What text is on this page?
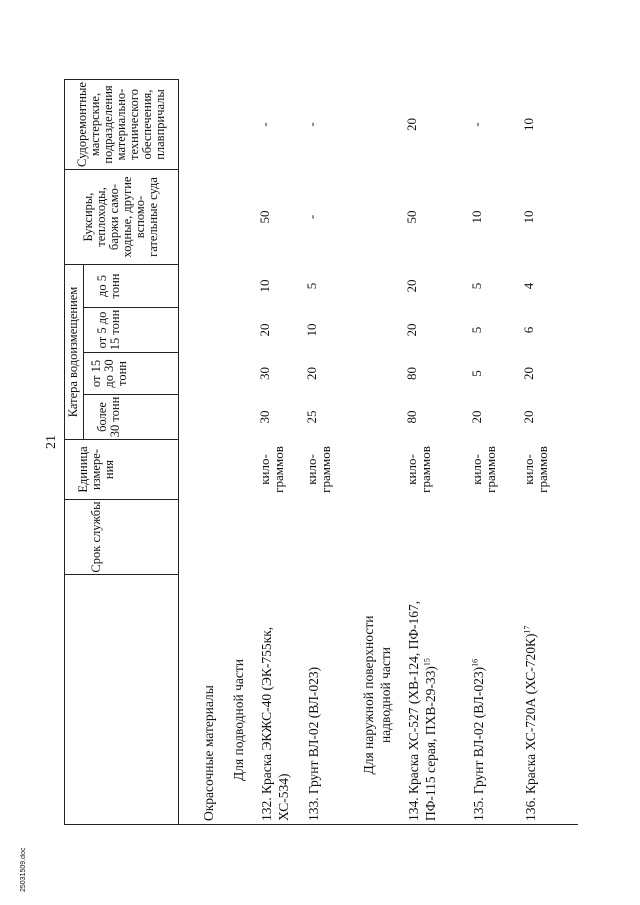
25031509.doc
21
Срок службы
Единица измере-ния
Катера водоизмещением	более 30 тонн
от 15 до 30 тонн
от 5 до 15 тонн
до 5 тонн
Буксиры, теплоходы, баржи само-ходные, другие вспомо-гательные суда
Судоремонтные мастерские, подразделения материально-технического обеспечения, плавпричалы
Окрасочные материалы Для подводной части	Для наружной поверхности надводной части
132. Краска ЭКЖС-40 (ЭК-755кк, ХС-534)
кило-граммов
30
30
20
10
50
-
133. Грунт ВЛ-02 (ВЛ-023)
кило-граммов
25
20
10
5
-
-
134. Краска ХС-527 (ХВ-124, ПФ-167, ПФ-115 серая, ПХВ-29-33)$^{15}$
кило-граммов
80
80
20
20
50
20
135. Грунт ВЛ-02 $(ВЛ-023)^{16}$
кило-граммов
20
5
5
5
10
-
136. Краска ХС-720А $(ХС-720К)^{17}$
кило-граммов
20
20
6
4
10
10
